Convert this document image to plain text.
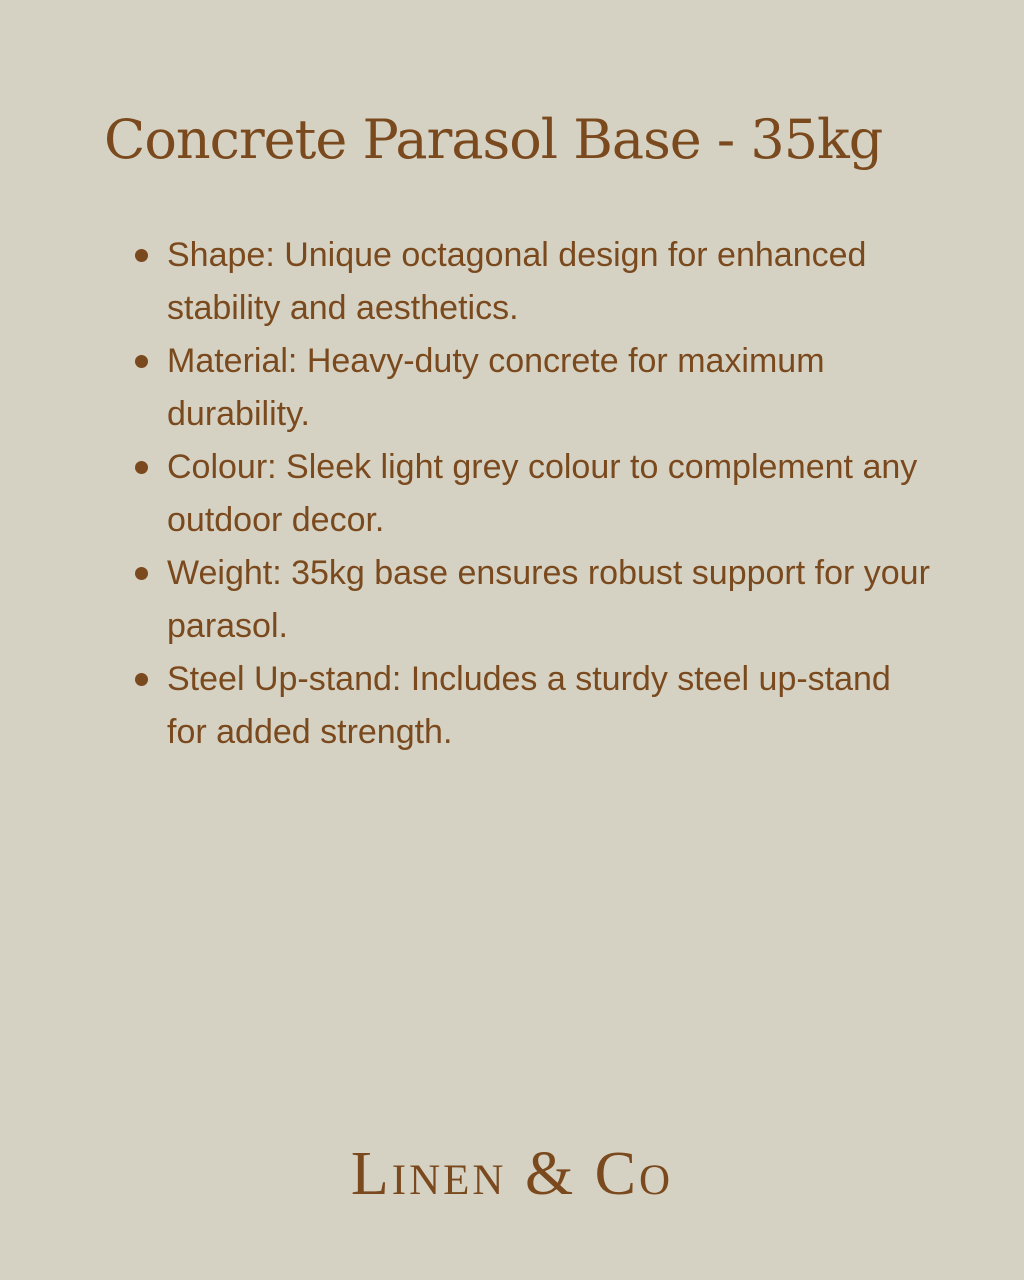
Concrete Parasol Base - 35kg
Shape: Unique octagonal design for enhanced stability and aesthetics.
Material: Heavy-duty concrete for maximum durability.
Colour: Sleek light grey colour to complement any outdoor decor.
Weight: 35kg base ensures robust support for your parasol.
Steel Up-stand: Includes a sturdy steel up-stand for added strength.
Linen & Co
